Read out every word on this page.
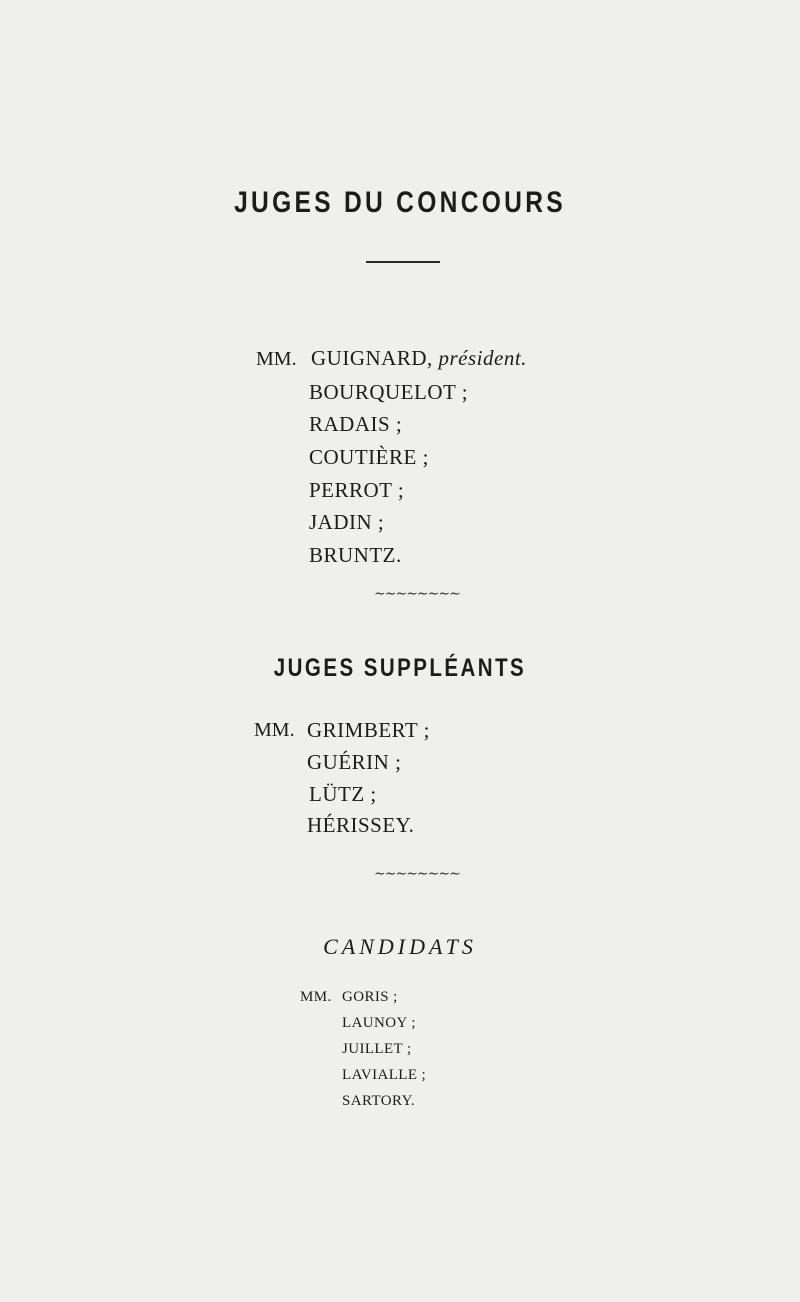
JUGES DU CONCOURS
MM. GUIGNARD, président.
BOURQUELOT ;
RADAIS ;
COUTIÈRE ;
PERROT ;
JADIN ;
BRUNTZ.
∼∼∼∼∼∼∼∼
JUGES SUPPLÉANTS
MM. GRIMBERT ;
GUÉRIN ;
LÜTZ ;
HÉRISSEY.
∼∼∼∼∼∼∼∼
CANDIDATS
MM. GORIS ;
LAUNOY ;
JUILLET ;
LAVIALLE ;
SARTORY.
